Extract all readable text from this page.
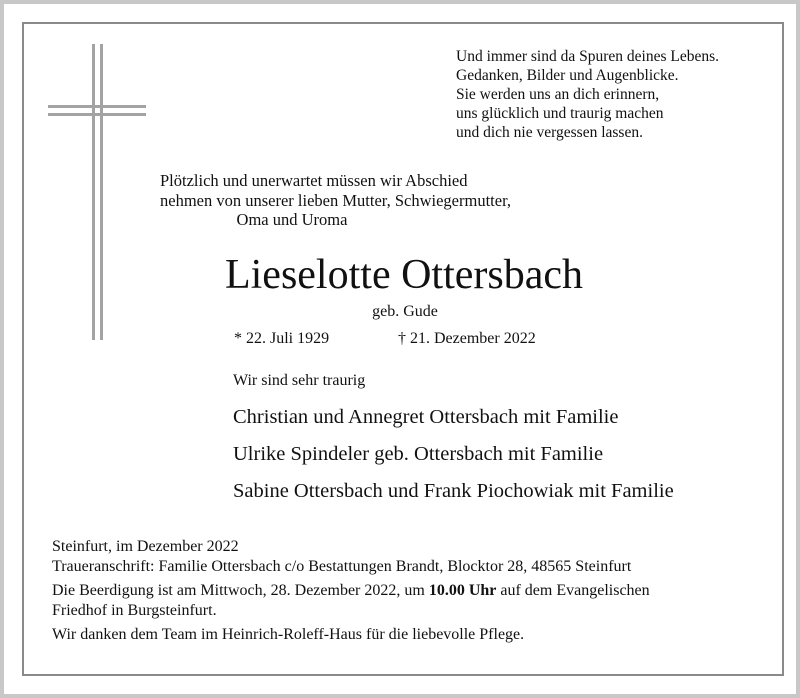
Und immer sind da Spuren deines Lebens.
Gedanken, Bilder und Augenblicke.
Sie werden uns an dich erinnern,
uns glücklich und traurig machen
und dich nie vergessen lassen.
Plötzlich und unerwartet müssen wir Abschied
nehmen von unserer lieben Mutter, Schwiegermutter,
Oma und Uroma
Lieselotte Ottersbach
geb. Gude
* 22. Juli 1929	† 21. Dezember 2022
Wir sind sehr traurig
Christian und Annegret Ottersbach mit Familie
Ulrike Spindeler geb. Ottersbach mit Familie
Sabine Ottersbach und Frank Piochowiak mit Familie
Steinfurt, im Dezember 2022
Traueranschrift: Familie Ottersbach c/o Bestattungen Brandt, Blocktor 28, 48565 Steinfurt
Die Beerdigung ist am Mittwoch, 28. Dezember 2022, um 10.00 Uhr auf dem Evangelischen
Friedhof in Burgsteinfurt.
Wir danken dem Team im Heinrich-Roleff-Haus für die liebevolle Pflege.
